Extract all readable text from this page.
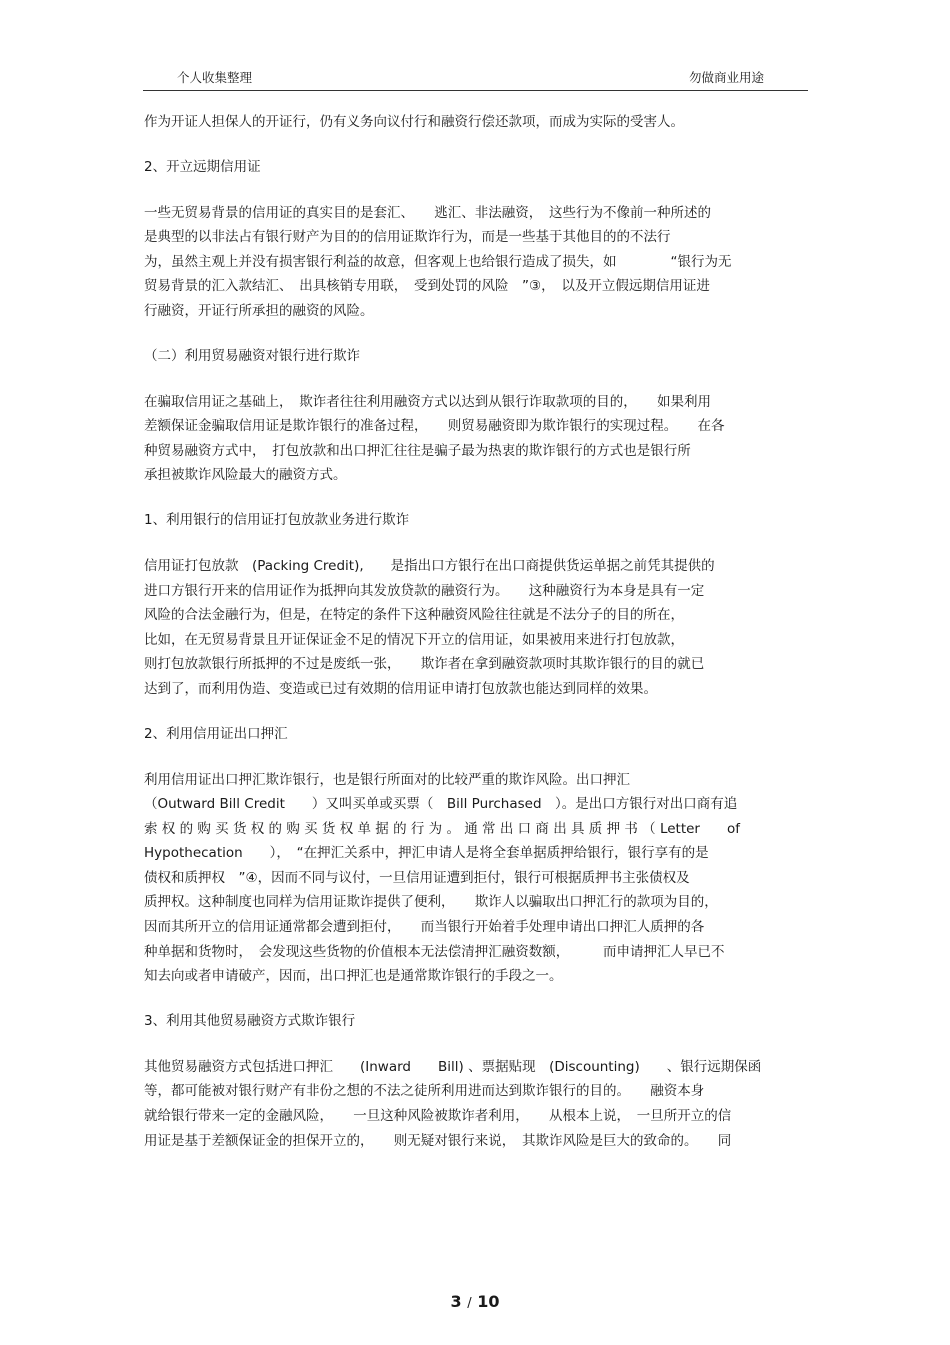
个人收集整理	勿做商业用途
作为开证人担保人的开证行，仍有义务向议付行和融资行偿还款项，而成为实际的受害人。
2、开立远期信用证
一些无贸易背景的信用证的真实目的是套汇、　　逃汇、非法融资，　这些行为不像前一种所述的
是典型的以非法占有银行财产为目的的信用证欺诈行为，而是一些基于其他目的的不法行
为，虽然主观上并没有损害银行利益的故意，但客观上也给银行造成了损失，如　　　　“银行为无
贸易背景的汇入款结汇、　出具核销专用联，　受到处罚的风险　”③，　以及开立假远期信用证进
行融资，开证行所承担的融资的风险。
（二）利用贸易融资对银行进行欺诈
在骗取信用证之基础上，　欺诈者往往利用融资方式以达到从银行诈取款项的目的，　　如果利用
差额保证金骗取信用证是欺诈银行的准备过程，　　则贸易融资即为欺诈银行的实现过程。　　在各
种贸易融资方式中，　打包放款和出口押汇往往是骗子最为热衷的欺诈银行的方式也是银行所
承担被欺诈风险最大的融资方式。
1、利用银行的信用证打包放款业务进行欺诈
信用证打包放款　(Packing Credit),　　是指出口方银行在出口商提供货运单据之前凭其提供的
进口方银行开来的信用证作为抵押向其发放贷款的融资行为。　　这种融资行为本身是具有一定
风险的合法金融行为，但是，在特定的条件下这种融资风险往往就是不法分子的目的所在，
比如，在无贸易背景且开证保证金不足的情况下开立的信用证，如果被用来进行打包放款，
则打包放款银行所抵押的不过是废纸一张，　　欺诈者在拿到融资款项时其欺诈银行的目的就已
达到了，而利用伪造、变造或已过有效期的信用证申请打包放款也能达到同样的效果。
2、利用信用证出口押汇
利用信用证出口押汇欺诈银行，也是银行所面对的比较严重的欺诈风险。出口押汇
（Outward Bill Credit　　）又叫买单或买票（　Bill Purchased　）。是出口方银行对出口商有追
索 权 的 购 买 货 权 的 购 买 货 权 单 据 的 行 为 。 通 常 出 口 商 出 具 质 押 书 （ Letter　　of
Hypothecation　　），　“在押汇关系中，押汇申请人是将全套单据质押给银行，银行享有的是
债权和质押权　”④，因而不同与议付，一旦信用证遭到拒付，银行可根据质押书主张债权及
质押权。这种制度也同样为信用证欺诈提供了便利，　　欺诈人以骗取出口押汇行的款项为目的，
因而其所开立的信用证通常都会遭到拒付，　　而当银行开始着手处理申请出口押汇人质押的各
种单据和货物时，　会发现这些货物的价值根本无法偿清押汇融资数额，　　　而申请押汇人早已不
知去向或者申请破产，因而，出口押汇也是通常欺诈银行的手段之一。
3、利用其他贸易融资方式欺诈银行
其他贸易融资方式包括进口押汇　　(Inward　　Bill) 、票据贴现　(Discounting)　　、银行远期保函
等，都可能被对银行财产有非份之想的不法之徒所利用进而达到欺诈银行的目的。　　融资本身
就给银行带来一定的金融风险，　　一旦这种风险被欺诈者利用，　　从根本上说，　一旦所开立的信
用证是基于差额保证金的担保开立的，　　则无疑对银行来说，　其欺诈风险是巨大的致命的。　　同
3 / 10
